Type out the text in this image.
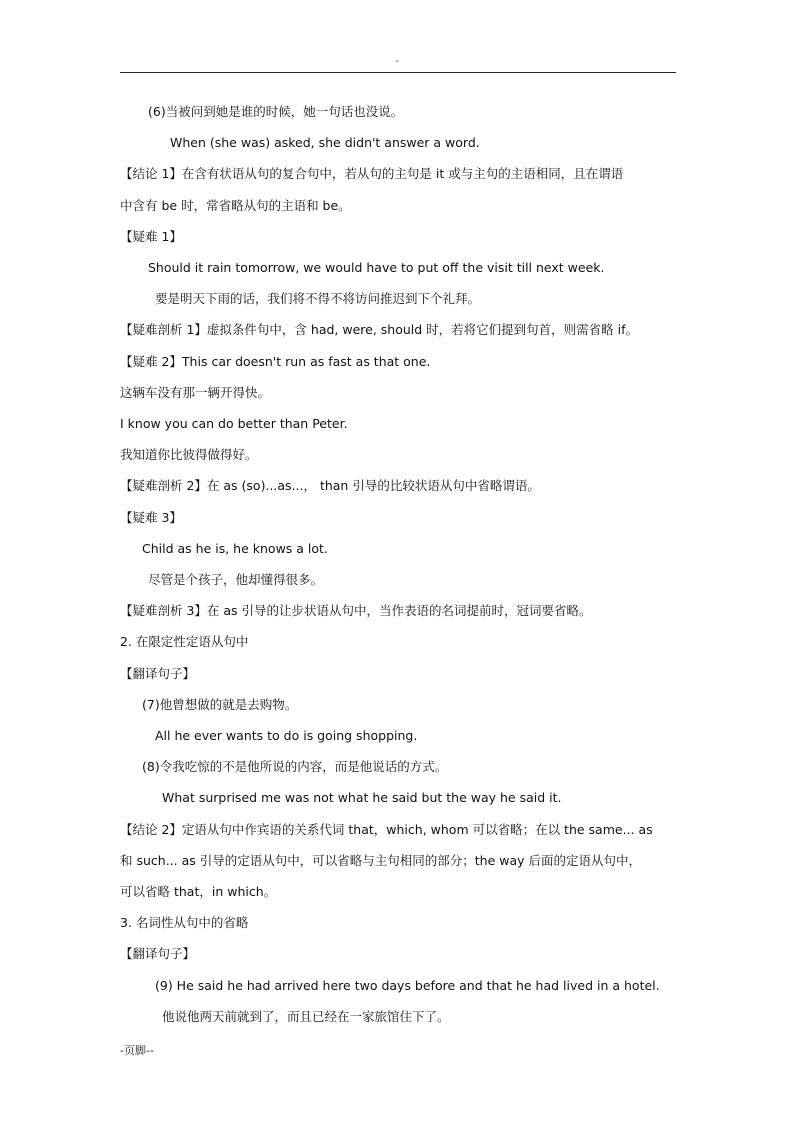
-
(6)当被问到她是谁的时候，她一句话也没说。
When (she was) asked, she didn't answer a word.
【结论 1】在含有状语从句的复合句中，若从句的主句是 it 或与主句的主语相同，且在谓语
中含有 be 时，常省略从句的主语和 be。
【疑难 1】
Should it rain tomorrow, we would have to put off the visit till next week.
要是明天下雨的话，我们将不得不将访问推迟到下个礼拜。
【疑难剖析 1】虚拟条件句中，含 had, were, should 时，若将它们提到句首，则需省略 if。
【疑难 2】This car doesn't run as fast as that one.
这辆车没有那一辆开得快。
I know you can do better than Peter.
我知道你比彼得做得好。
【疑难剖析 2】在 as (so)...as...， than 引导的比较状语从句中省略谓语。
【疑难 3】
Child as he is, he knows a lot.
尽管是个孩子，他却懂得很多。
【疑难剖析 3】在 as 引导的让步状语从句中，当作表语的名词提前时，冠词要省略。
2. 在限定性定语从句中
【翻译句子】
(7)他曾想做的就是去购物。
All he ever wants to do is going shopping.
(8)令我吃惊的不是他所说的内容，而是他说话的方式。
What surprised me was not what he said but the way he said it.
【结论 2】定语从句中作宾语的关系代词 that，which, whom 可以省略；在以 the same... as
和 such... as 引导的定语从句中，可以省略与主句相同的部分；the way 后面的定语从句中，
可以省略 that，in which。
3. 名词性从句中的省略
【翻译句子】
(9) He said he had arrived here two days before and that he had lived in a hotel.
他说他两天前就到了，而且已经在一家旅馆住下了。
-页脚--
